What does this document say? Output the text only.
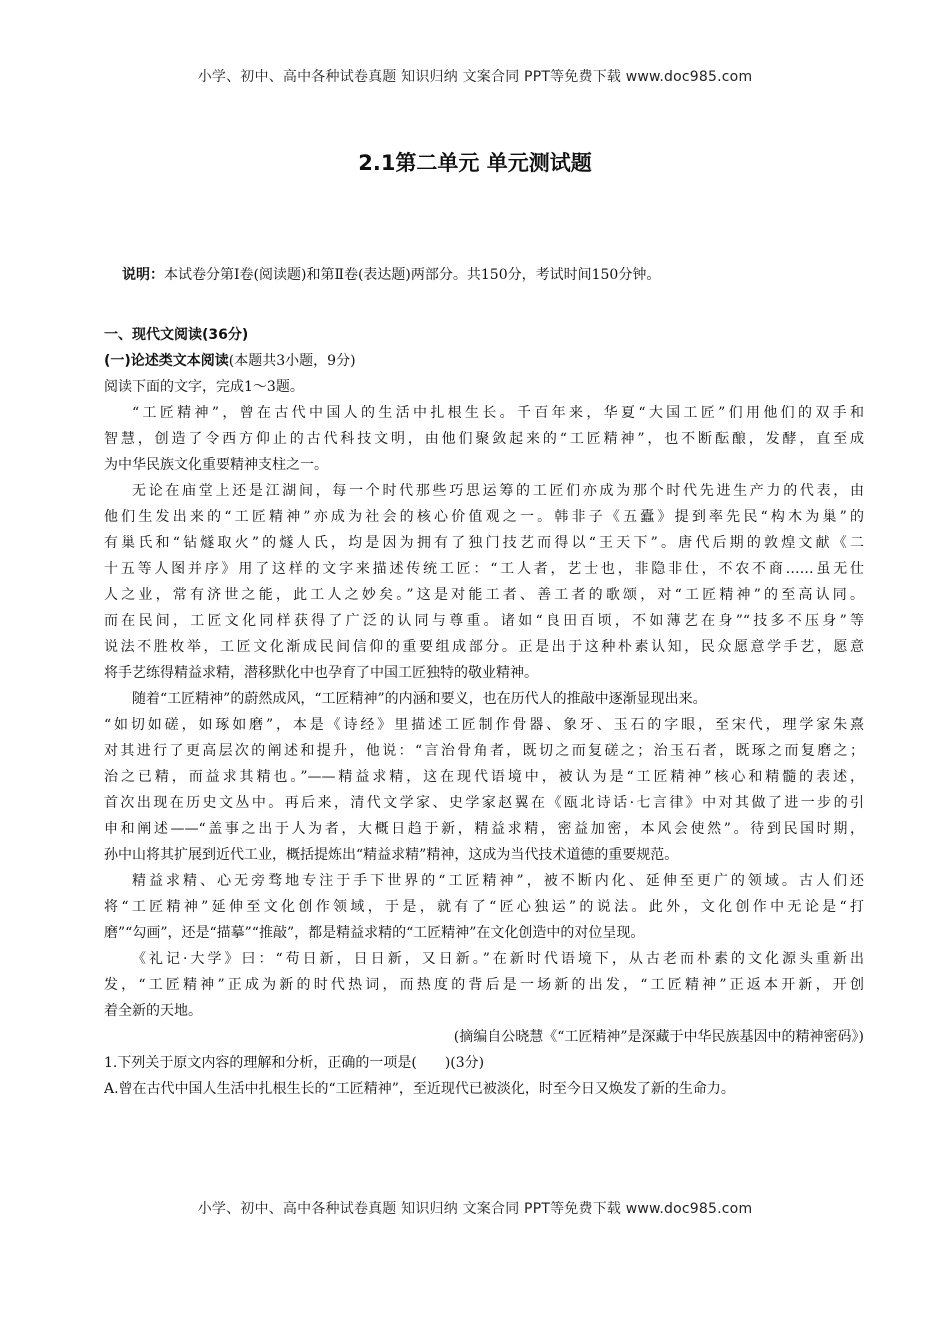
小学、初中、高中各种试卷真题 知识归纳 文案合同 PPT等免费下载 www.doc985.com
2.1第二单元 单元测试题
说明：本试卷分第Ⅰ卷(阅读题)和第Ⅱ卷(表达题)两部分。共150分，考试时间150分钟。
一、现代文阅读(36分)
(一)论述类文本阅读(本题共3小题，9分)
阅读下面的文字，完成1～3题。
“工匠精神”，曾在古代中国人的生活中扎根生长。千百年来，华夏“大国工匠”们用他们的双手和
智慧，创造了令西方仰止的古代科技文明，由他们聚敛起来的“工匠精神”，也不断酝酿，发酵，直至成
为中华民族文化重要精神支柱之一。
无论在庙堂上还是江湖间，每一个时代那些巧思运筹的工匠们亦成为那个时代先进生产力的代表，由
他们生发出来的“工匠精神”亦成为社会的核心价值观之一。韩非子《五蠹》提到率先民“构木为巢”的
有巢氏和“钻燧取火”的燧人氏，均是因为拥有了独门技艺而得以“王天下”。唐代后期的敦煌文献《二
十五等人图并序》用了这样的文字来描述传统工匠：“工人者，艺士也，非隐非仕，不农不商……虽无仕
人之业，常有济世之能，此工人之妙矣。”这是对能工者、善工者的歌颂，对“工匠精神”的至高认同。
而在民间，工匠文化同样获得了广泛的认同与尊重。诸如“良田百顷，不如薄艺在身”“技多不压身”等
说法不胜枚举，工匠文化渐成民间信仰的重要组成部分。正是出于这种朴素认知，民众愿意学手艺，愿意
将手艺练得精益求精，潜移默化中也孕育了中国工匠独特的敬业精神。
随着“工匠精神”的蔚然成风，“工匠精神”的内涵和要义，也在历代人的推敲中逐渐显现出来。
“如切如磋，如琢如磨”，本是《诗经》里描述工匠制作骨器、象牙、玉石的字眼，至宋代，理学家朱熹
对其进行了更高层次的阐述和提升，他说：“言治骨角者，既切之而复磋之；治玉石者，既琢之而复磨之；
治之已精，而益求其精也。”——精益求精，这在现代语境中，被认为是“工匠精神”核心和精髓的表述，
首次出现在历史文丛中。再后来，清代文学家、史学家赵翼在《瓯北诗话·七言律》中对其做了进一步的引
申和阐述——“盖事之出于人为者，大概日趋于新，精益求精，密益加密，本风会使然”。待到民国时期，
孙中山将其扩展到近代工业，概括提炼出“精益求精”精神，这成为当代技术道德的重要规范。
精益求精、心无旁骛地专注于手下世界的“工匠精神”，被不断内化、延伸至更广的领域。古人们还
将“工匠精神”延伸至文化创作领域，于是，就有了“匠心独运”的说法。此外，文化创作中无论是“打
磨”“勾画”，还是“描摹”“推敲”，都是精益求精的“工匠精神”在文化创造中的对位呈现。
《礼记·大学》曰：“苟日新，日日新，又日新。”在新时代语境下，从古老而朴素的文化源头重新出
发，“工匠精神”正成为新的时代热词，而热度的背后是一场新的出发，“工匠精神”正返本开新，开创
着全新的天地。
(摘编自公晓慧《“工匠精神”是深藏于中华民族基因中的精神密码》)
1.下列关于原文内容的理解和分析，正确的一项是(　　)(3分)
A.曾在古代中国人生活中扎根生长的“工匠精神”，至近现代已被淡化，时至今日又焕发了新的生命力。
小学、初中、高中各种试卷真题 知识归纳 文案合同 PPT等免费下载 www.doc985.com
